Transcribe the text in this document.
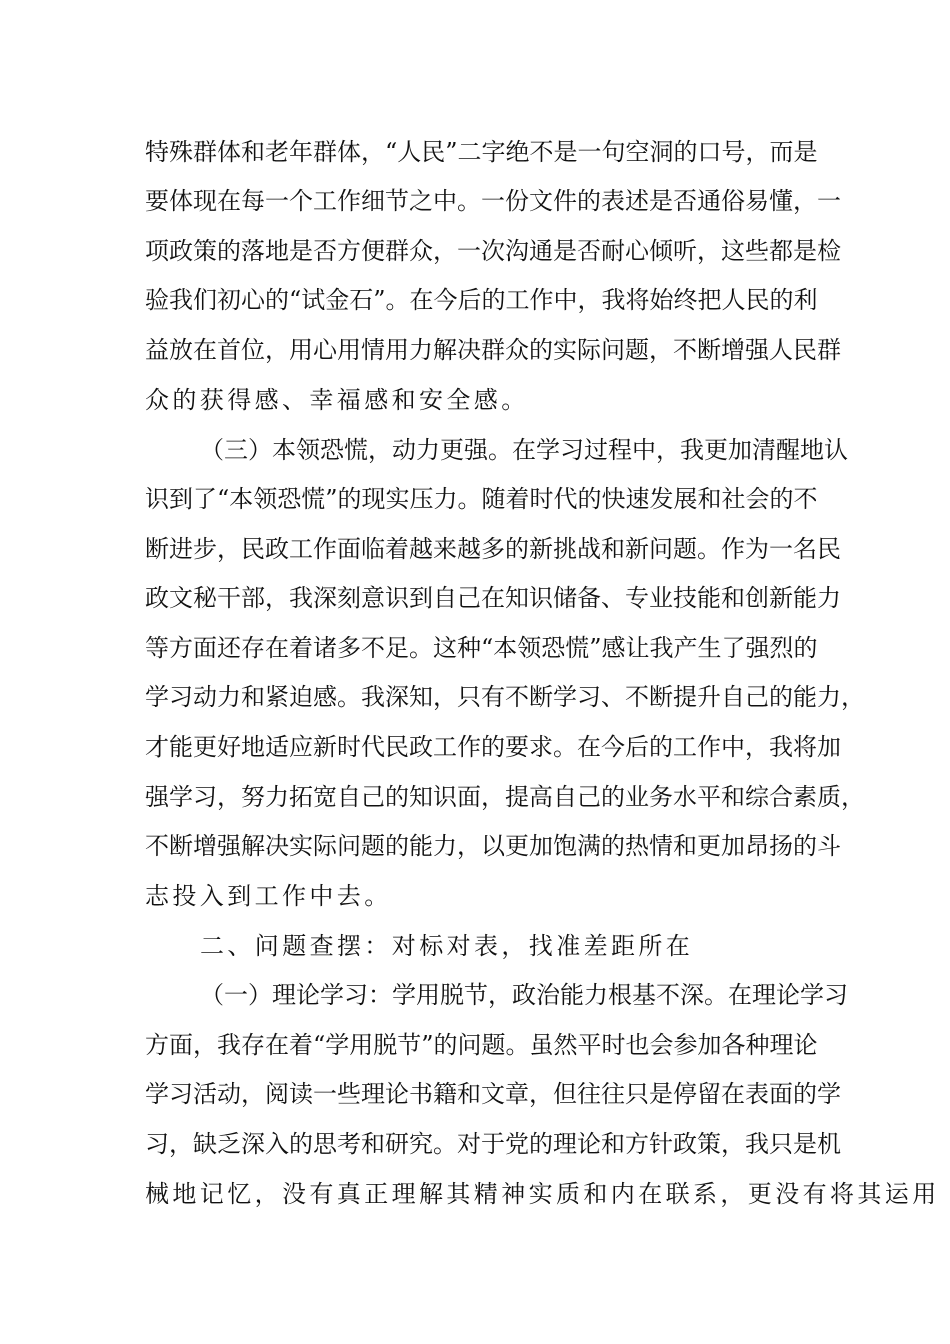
特殊群体和老年群体，“人民”二字绝不是一句空洞的口号，而是
要体现在每一个工作细节之中。一份文件的表述是否通俗易懂，一
项政策的落地是否方便群众，一次沟通是否耐心倾听，这些都是检
验我们初心的“试金石”。在今后的工作中，我将始终把人民的利
益放在首位，用心用情用力解决群众的实际问题，不断增强人民群
众的获得感、幸福感和安全感。
（三）本领恐慌，动力更强。在学习过程中，我更加清醒地认
识到了“本领恐慌”的现实压力。随着时代的快速发展和社会的不
断进步，民政工作面临着越来越多的新挑战和新问题。作为一名民
政文秘干部，我深刻意识到自己在知识储备、专业技能和创新能力
等方面还存在着诸多不足。这种“本领恐慌”感让我产生了强烈的
学习动力和紧迫感。我深知，只有不断学习、不断提升自己的能力，
才能更好地适应新时代民政工作的要求。在今后的工作中，我将加
强学习，努力拓宽自己的知识面，提高自己的业务水平和综合素质，
不断增强解决实际问题的能力，以更加饱满的热情和更加昂扬的斗
志投入到工作中去。
二、问题查摆：对标对表，找准差距所在
（一）理论学习：学用脱节，政治能力根基不深。在理论学习
方面，我存在着“学用脱节”的问题。虽然平时也会参加各种理论
学习活动，阅读一些理论书籍和文章，但往往只是停留在表面的学
习，缺乏深入的思考和研究。对于党的理论和方针政策，我只是机
械地记忆，没有真正理解其精神实质和内在联系，更没有将其运用
